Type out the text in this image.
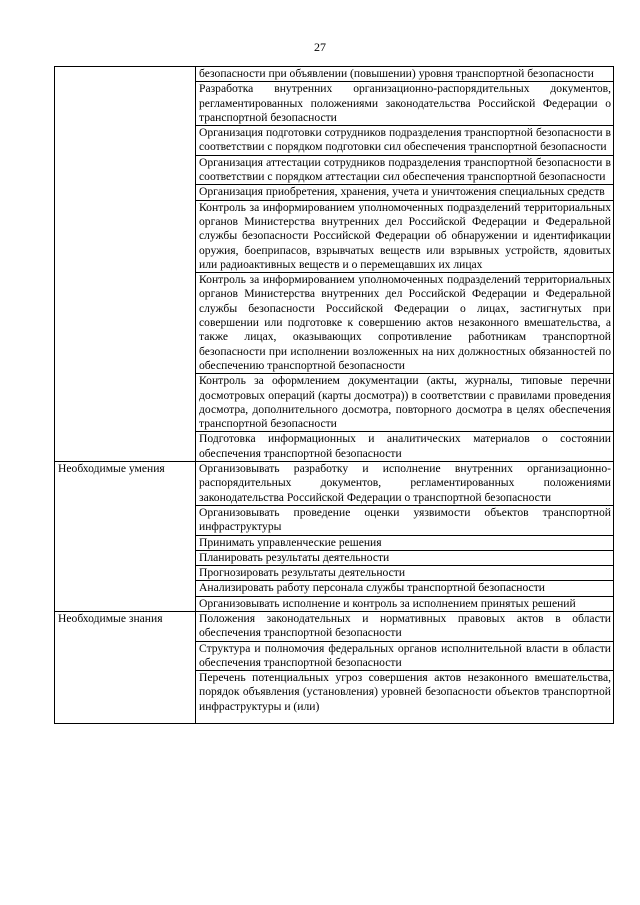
27

	безопасности при объявлении (повышении) уровня транспортной безопасности

	Разработка внутренних организационно-распорядительных документов, регламентированных положениями законодательства Российской Федерации о транспортной безопасности

	Организация подготовки сотрудников подразделения транспортной безопасности в соответствии с порядком подготовки сил обеспечения транспортной безопасности

	Организация аттестации сотрудников подразделения транспортной безопасности в соответствии с порядком аттестации сил обеспечения транспортной безопасности

	Организация приобретения, хранения, учета и уничтожения специальных средств

	Контроль за информированием уполномоченных подразделений территориальных органов Министерства внутренних дел Российской Федерации и Федеральной службы безопасности Российской Федерации об обнаружении и идентификации оружия, боеприпасов, взрывчатых веществ или взрывных устройств, ядовитых или радиоактивных веществ и о перемещавших их лицах

	Контроль за информированием уполномоченных подразделений территориальных органов Министерства внутренних дел Российской Федерации и Федеральной службы безопасности Российской Федерации о лицах, застигнутых при совершении или подготовке к совершению актов незаконного вмешательства, а также лицах, оказывающих сопротивление работникам транспортной безопасности при исполнении возложенных на них должностных обязанностей по обеспечению транспортной безопасности

	Контроль за оформлением документации (акты, журналы, типовые перечни досмотровых операций (карты досмотра)) в соответствии с правилами проведения досмотра, дополнительного досмотра, повторного досмотра в целях обеспечения транспортной безопасности

	Подготовка информационных и аналитических материалов о состоянии обеспечения транспортной безопасности

Необходимые умения	Организовывать разработку и исполнение внутренних организационно-распорядительных документов, регламентированных положениями законодательства Российской Федерации о транспортной безопасности

	Организовывать проведение оценки уязвимости объектов транспортной инфраструктуры

	Принимать управленческие решения

	Планировать результаты деятельности

	Прогнозировать результаты деятельности

	Анализировать работу персонала службы транспортной безопасности

	Организовывать исполнение и контроль за исполнением принятых решений

Необходимые знания	Положения законодательных и нормативных правовых актов в области обеспечения транспортной безопасности

	Структура и полномочия федеральных органов исполнительной власти в области обеспечения транспортной безопасности

	Перечень потенциальных угроз совершения актов незаконного вмешательства, порядок объявления (установления) уровней безопасности объектов транспортной инфраструктуры и (или)
